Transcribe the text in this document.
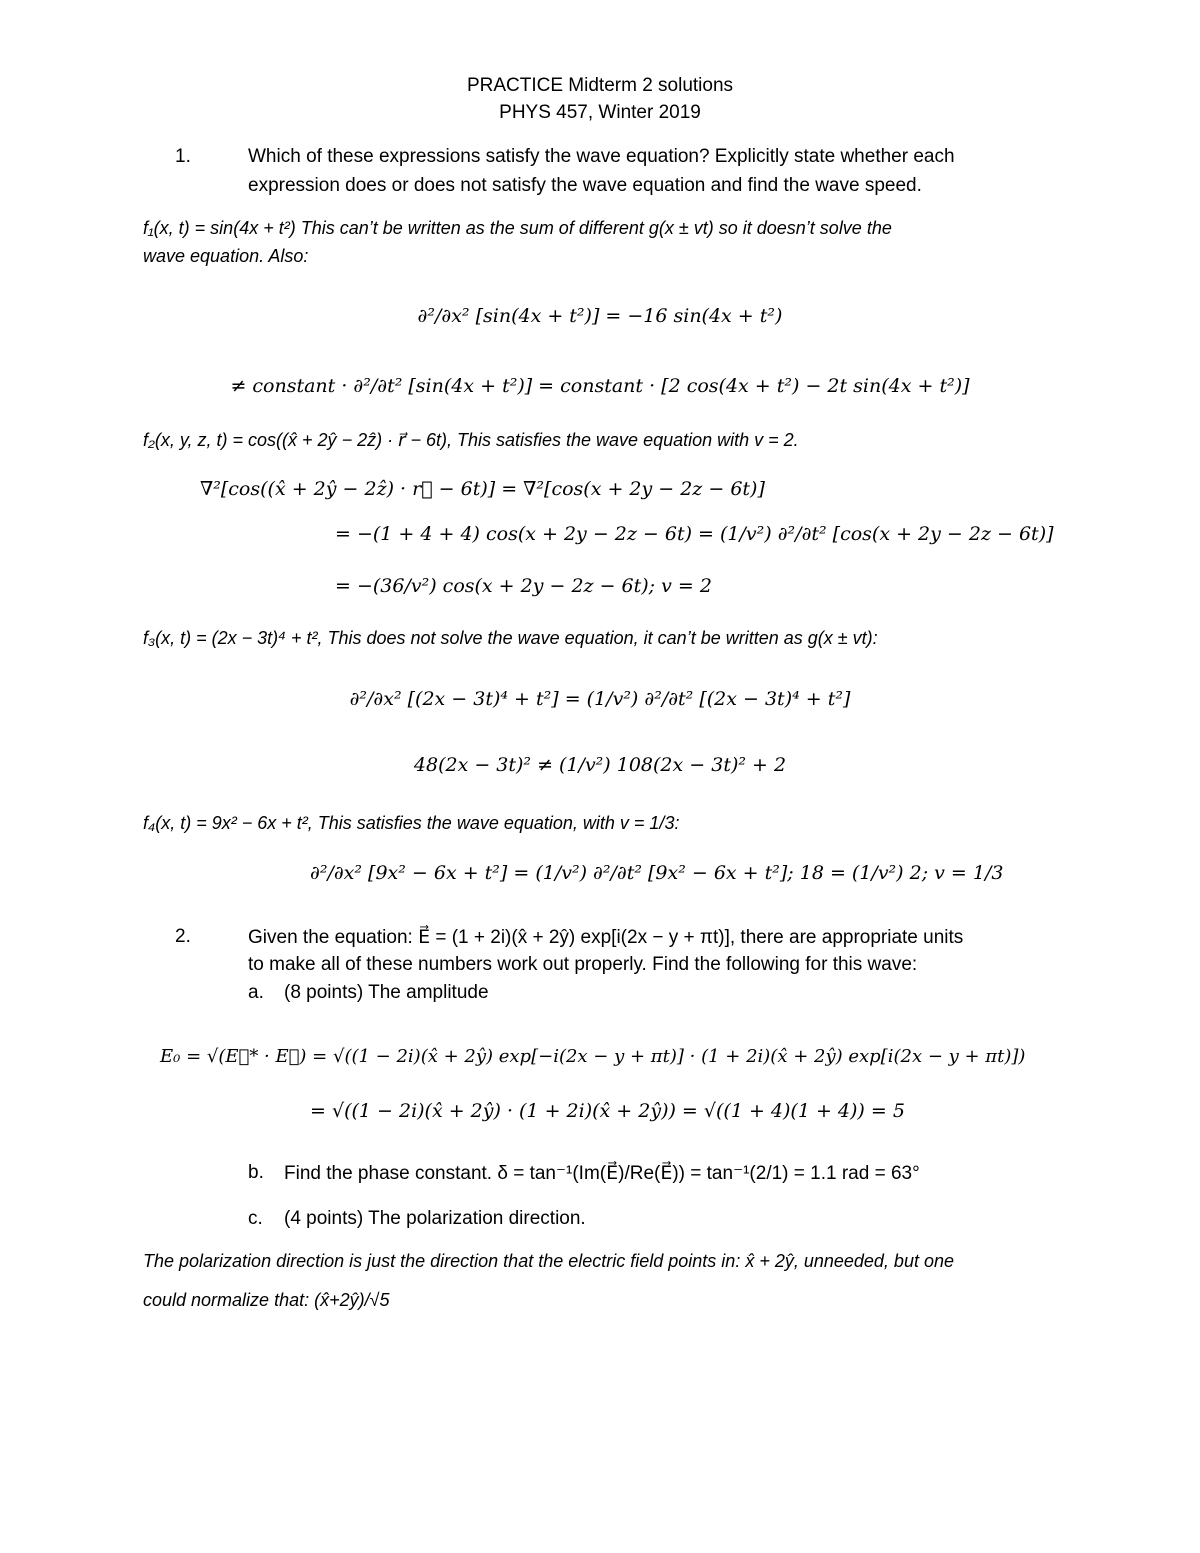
PRACTICE Midterm 2 solutions
PHYS 457, Winter 2019
1.	Which of these expressions satisfy the wave equation? Explicitly state whether each
expression does or does not satisfy the wave equation and find the wave speed.
f₁(x, t) = sin(4x + t²) This can’t be written as the sum of different g(x ± vt) so it doesn’t solve the
wave equation. Also:
∂²/∂x² [sin(4x + t²)] = −16 sin(4x + t²)
≠ constant · ∂²/∂t² [sin(4x + t²)] = constant · [2 cos(4x + t²) − 2t sin(4x + t²)]
f₂(x, y, z, t) = cos((x̂ + 2ŷ − 2ẑ) · r⃗ − 6t), This satisfies the wave equation with v = 2.
∇²[cos((x̂ + 2ŷ − 2ẑ) · r⃗ − 6t)] = ∇²[cos(x + 2y − 2z − 6t)]
= −(1 + 4 + 4) cos(x + 2y − 2z − 6t) = (1/v²) ∂²/∂t² [cos(x + 2y − 2z − 6t)]
= −(36/v²) cos(x + 2y − 2z − 6t); v = 2
f₃(x, t) = (2x − 3t)⁴ + t², This does not solve the wave equation, it can’t be written as g(x ± vt):
∂²/∂x² [(2x − 3t)⁴ + t²] = (1/v²) ∂²/∂t² [(2x − 3t)⁴ + t²]
48(2x − 3t)² ≠ (1/v²) 108(2x − 3t)² + 2
f₄(x, t) = 9x² − 6x + t², This satisfies the wave equation, with v = 1/3:
∂²/∂x² [9x² − 6x + t²] = (1/v²) ∂²/∂t² [9x² − 6x + t²]; 18 = (1/v²) 2; v = 1/3
2.	Given the equation: E⃗ = (1 + 2i)(x̂ + 2ŷ) exp[i(2x − y + πt)], there are appropriate units
to make all of these numbers work out properly. Find the following for this wave:
a. (8 points) The amplitude
E₀ = √(E⃗* · E⃗) = √((1 − 2i)(x̂ + 2ŷ) exp[−i(2x − y + πt)] · (1 + 2i)(x̂ + 2ŷ) exp[i(2x − y + πt)])
= √((1 − 2i)(x̂ + 2ŷ) · (1 + 2i)(x̂ + 2ŷ)) = √((1 + 4)(1 + 4)) = 5
b. Find the phase constant. δ = tan⁻¹(Im(E⃗)/Re(E⃗)) = tan⁻¹(2/1) = 1.1 rad = 63°
c. (4 points) The polarization direction.
The polarization direction is just the direction that the electric field points in: x̂ + 2ŷ, unneeded, but one
could normalize that: (x̂+2ŷ)/√5
